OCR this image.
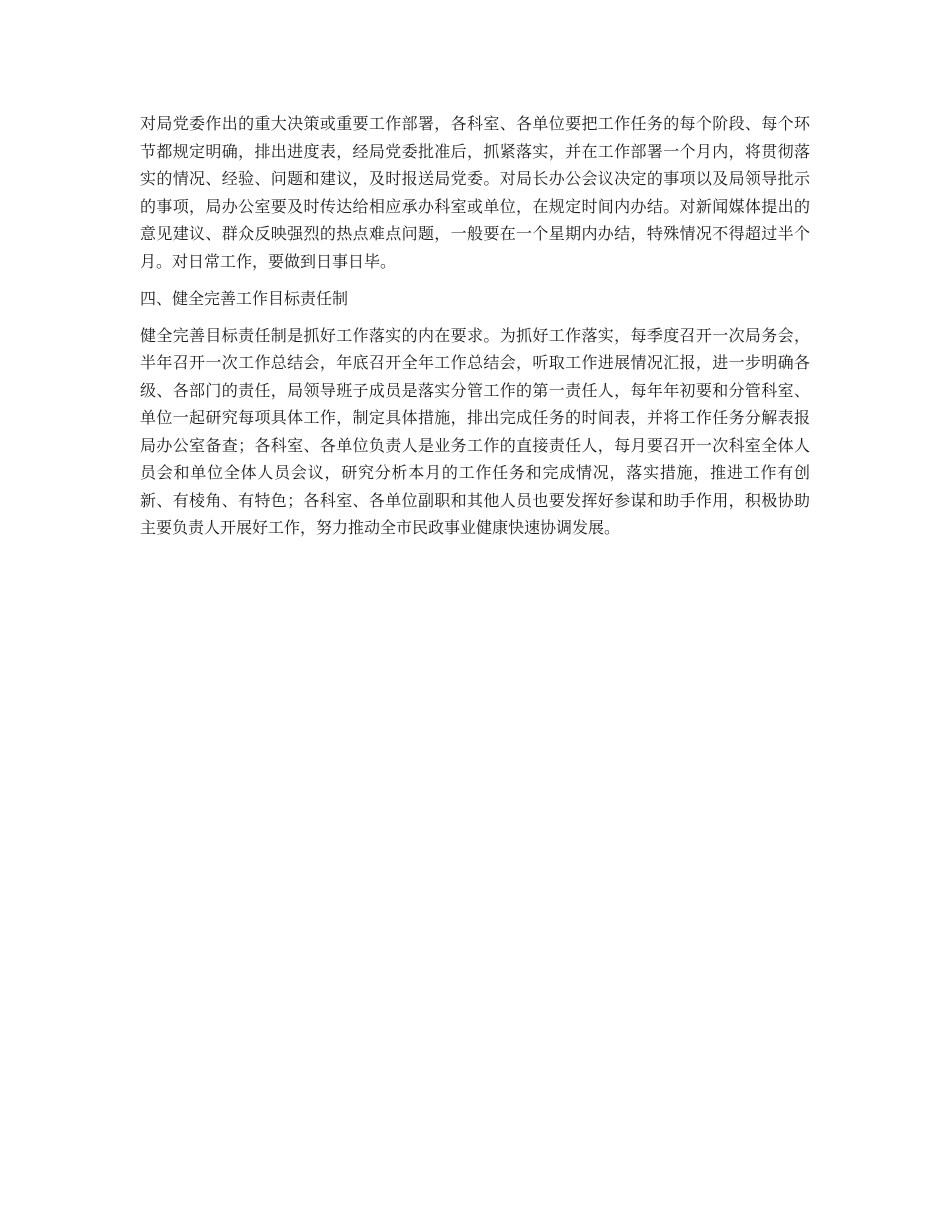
对局党委作出的重大决策或重要工作部署，各科室、各单位要把工作任务的每个阶段、每个环节都规定明确，排出进度表，经局党委批准后，抓紧落实，并在工作部署一个月内，将贯彻落实的情况、经验、问题和建议，及时报送局党委。对局长办公会议决定的事项以及局领导批示的事项，局办公室要及时传达给相应承办科室或单位，在规定时间内办结。对新闻媒体提出的意见建议、群众反映强烈的热点难点问题，一般要在一个星期内办结，特殊情况不得超过半个月。对日常工作，要做到日事日毕。

四、健全完善工作目标责任制

健全完善目标责任制是抓好工作落实的内在要求。为抓好工作落实，每季度召开一次局务会，半年召开一次工作总结会，年底召开全年工作总结会，听取工作进展情况汇报，进一步明确各级、各部门的责任，局领导班子成员是落实分管工作的第一责任人，每年年初要和分管科室、单位一起研究每项具体工作，制定具体措施，排出完成任务的时间表，并将工作任务分解表报局办公室备查；各科室、各单位负责人是业务工作的直接责任人，每月要召开一次科室全体人员会和单位全体人员会议，研究分析本月的工作任务和完成情况，落实措施，推进工作有创新、有棱角、有特色；各科室、各单位副职和其他人员也要发挥好参谋和助手作用，积极协助主要负责人开展好工作，努力推动全市民政事业健康快速协调发展。
